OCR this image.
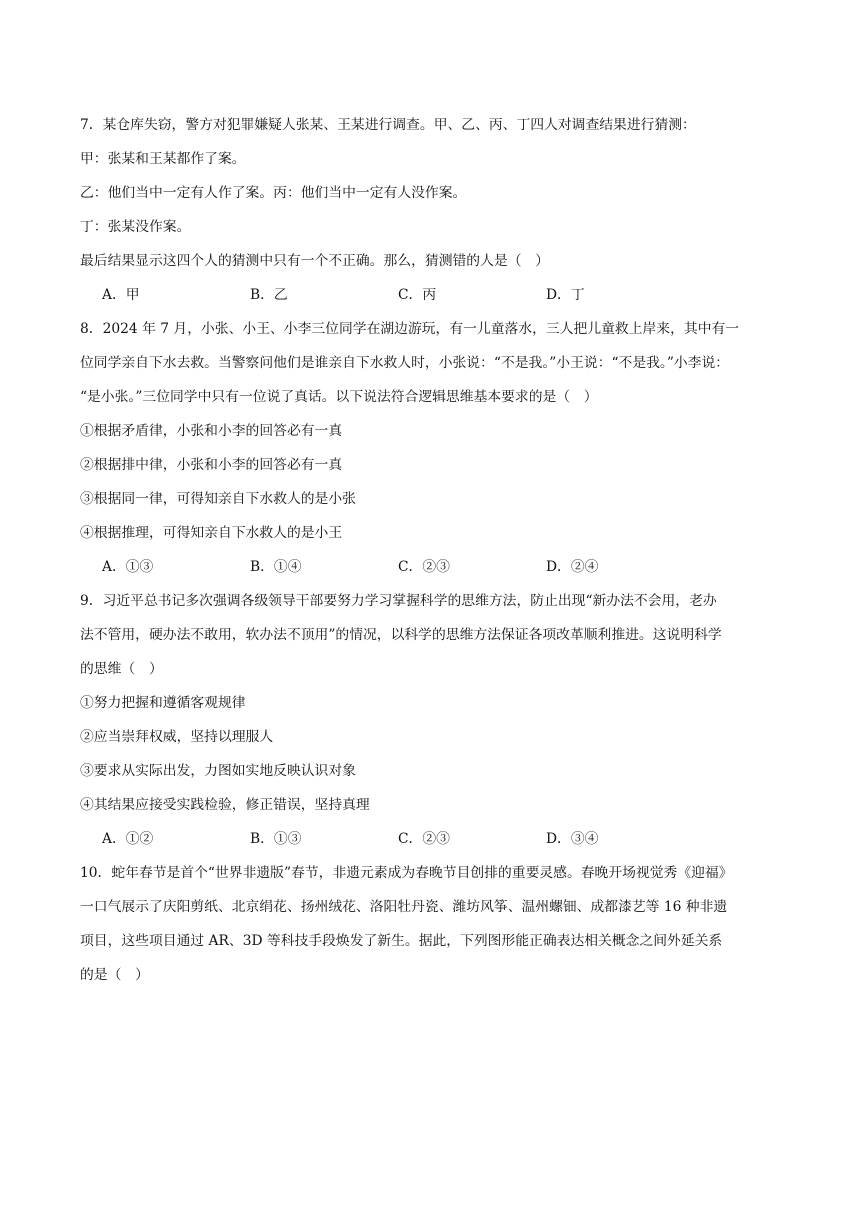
7．某仓库失窃，警方对犯罪嫌疑人张某、王某进行调查。甲、乙、丙、丁四人对调查结果进行猜测：
甲：张某和王某都作了案。
乙：他们当中一定有人作了案。丙：他们当中一定有人没作案。
丁：张某没作案。
最后结果显示这四个人的猜测中只有一个不正确。那么，猜测错的人是（　）
A．甲	B．乙	C．丙	D．丁
8．2024 年 7 月，小张、小王、小李三位同学在湖边游玩，有一儿童落水，三人把儿童救上岸来，其中有一
位同学亲自下水去救。当警察问他们是谁亲自下水救人时，小张说：“不是我。”小王说：“不是我。”小李说：
“是小张。”三位同学中只有一位说了真话。以下说法符合逻辑思维基本要求的是（　）
①根据矛盾律，小张和小李的回答必有一真
②根据排中律，小张和小李的回答必有一真
③根据同一律，可得知亲自下水救人的是小张
④根据推理，可得知亲自下水救人的是小王
A．①③	B．①④	C．②③	D．②④
9．习近平总书记多次强调各级领导干部要努力学习掌握科学的思维方法，防止出现“新办法不会用，老办
法不管用，硬办法不敢用，软办法不顶用”的情况，以科学的思维方法保证各项改革顺利推进。这说明科学
的思维（　）
①努力把握和遵循客观规律
②应当崇拜权威，坚持以理服人
③要求从实际出发，力图如实地反映认识对象
④其结果应接受实践检验，修正错误，坚持真理
A．①②	B．①③	C．②③	D．③④
10．蛇年春节是首个“世界非遗版”春节，非遗元素成为春晚节目创排的重要灵感。春晚开场视觉秀《迎福》
一口气展示了庆阳剪纸、北京绢花、扬州绒花、洛阳牡丹瓷、潍坊风筝、温州螺钿、成都漆艺等 16 种非遗
项目，这些项目通过 AR、3D 等科技手段焕发了新生。据此，下列图形能正确表达相关概念之间外延关系
的是（　）
